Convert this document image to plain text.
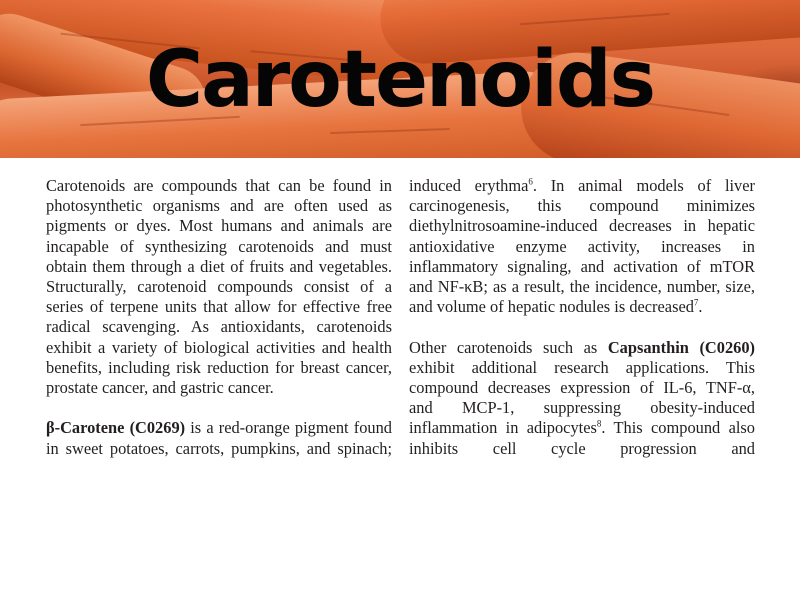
Carotenoids

Carotenoids are compounds that can be found in photosynthetic organisms and are often used as pigments or dyes. Most humans and animals are incapable of synthesizing carotenoids and must obtain them through a diet of fruits and vegetables. Structurally, carotenoid compounds consist of a series of terpene units that allow for effective free radical scavenging. As antioxidants, carotenoids exhibit a variety of biological activities and health benefits, including risk reduction for breast cancer, prostate cancer, and gastric cancer.

β-Carotene (C0269) is a red-orange pigment found in sweet potatoes, carrots, pumpkins, and spinach;

induced erythma$^6$. In animal models of liver carcinogenesis, this compound minimizes diethylnitrosoamine-induced decreases in hepatic antioxidative enzyme activity, increases in inflammatory signaling, and activation of mTOR and NF-κB; as a result, the incidence, number, size, and volume of hepatic nodules is decreased$^7$.

Other carotenoids such as Capsanthin (C0260) exhibit additional research applications. This compound decreases expression of IL-6, TNF-α, and MCP-1, suppressing obesity-induced inflammation in adipocytes$^8$. This compound also inhibits cell cycle progression and
